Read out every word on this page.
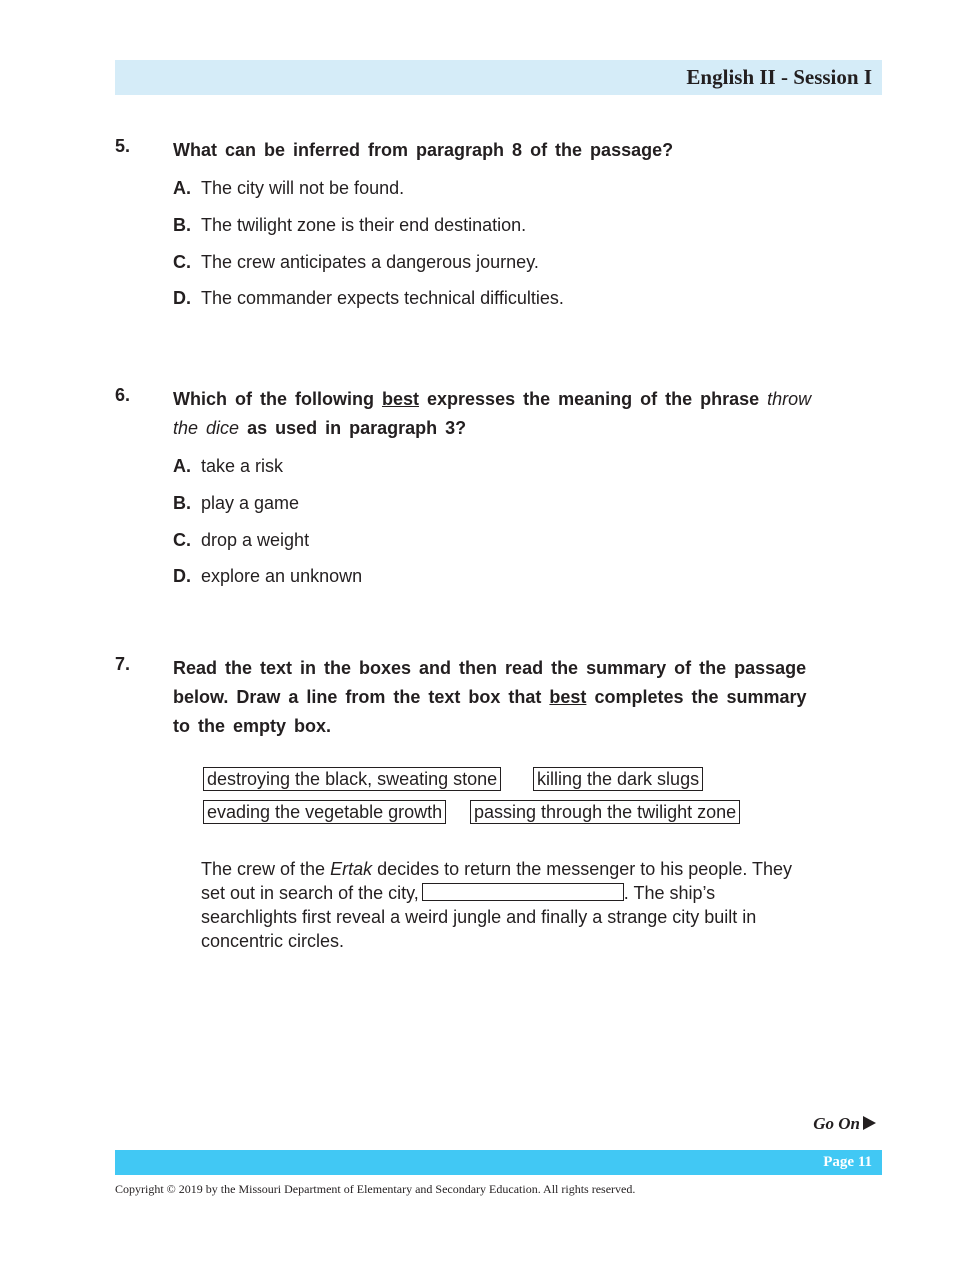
English II - Session I
5. What can be inferred from paragraph 8 of the passage?
A. The city will not be found.
B. The twilight zone is their end destination.
C. The crew anticipates a dangerous journey.
D. The commander expects technical difficulties.
6. Which of the following best expresses the meaning of the phrase throw the dice as used in paragraph 3?
A. take a risk
B. play a game
C. drop a weight
D. explore an unknown
7. Read the text in the boxes and then read the summary of the passage below. Draw a line from the text box that best completes the summary to the empty box.
destroying the black, sweating stone killing the dark slugs
evading the vegetable growth passing through the twilight zone
The crew of the Ertak decides to return the messenger to his people. They set out in search of the city,	. The ship’s searchlights first reveal a weird jungle and finally a strange city built in concentric circles.
Go On
Page 11
Copyright © 2019 by the Missouri Department of Elementary and Secondary Education. All rights reserved.
